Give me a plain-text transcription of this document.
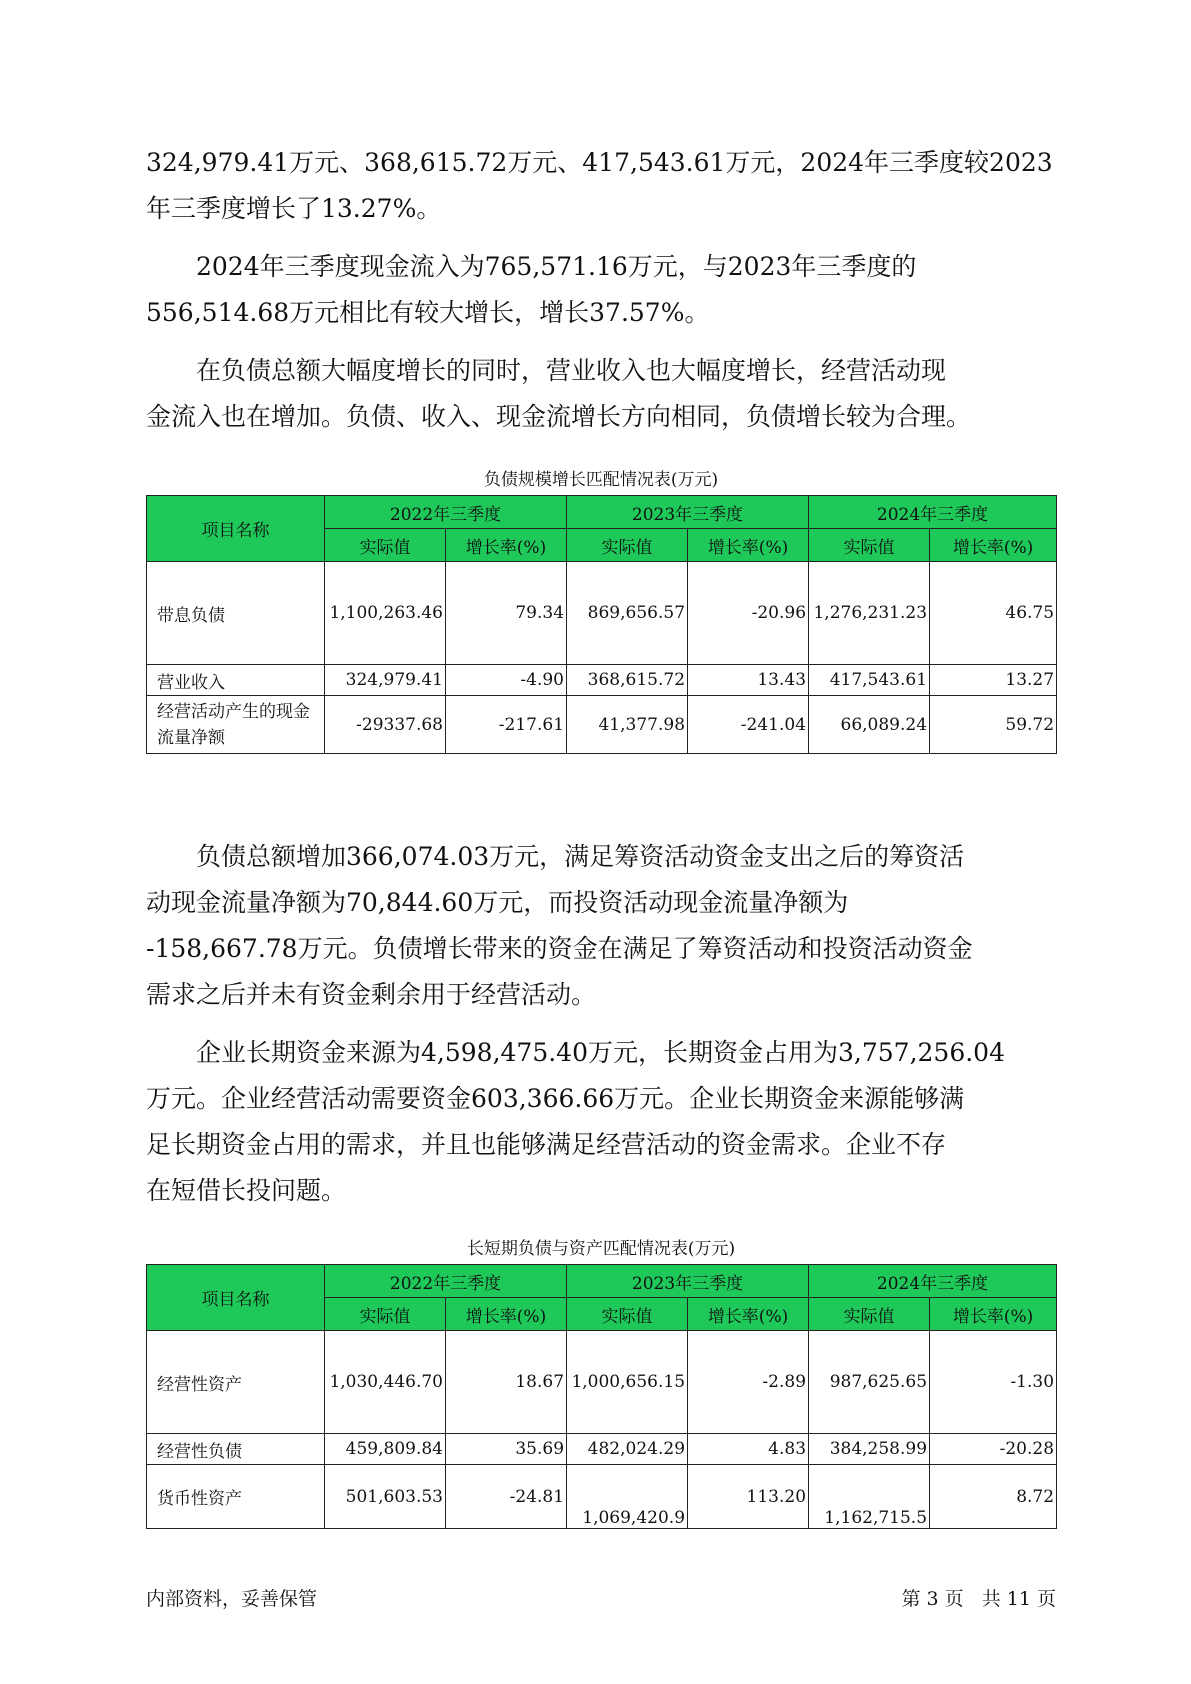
324,979.41万元、368,615.72万元、417,543.61万元，2024年三季度较2023
年三季度增长了13.27%。
2024年三季度现金流入为765,571.16万元，与2023年三季度的
556,514.68万元相比有较大增长，增长37.57%。
在负债总额大幅度增长的同时，营业收入也大幅度增长，经营活动现
金流入也在增加。负债、收入、现金流增长方向相同，负债增长较为合理。
负债规模增长匹配情况表(万元)
项目名称	2022年三季度		2023年三季度		2024年三季度	
	实际值	增长率(%)	实际值	增长率(%)	实际值	增长率(%)
带息负债	1,100,263.46	79.34	869,656.57	-20.96	1,276,231.23	46.75
营业收入	324,979.41	-4.90	368,615.72	13.43	417,543.61	13.27
经营活动产生的现金流量净额	-29337.68	-217.61	41,377.98	-241.04	66,089.24	59.72
负债总额增加366,074.03万元，满足筹资活动资金支出之后的筹资活
动现金流量净额为70,844.60万元，而投资活动现金流量净额为
-158,667.78万元。负债增长带来的资金在满足了筹资活动和投资活动资金
需求之后并未有资金剩余用于经营活动。
企业长期资金来源为4,598,475.40万元，长期资金占用为3,757,256.04
万元。企业经营活动需要资金603,366.66万元。企业长期资金来源能够满
足长期资金占用的需求，并且也能够满足经营活动的资金需求。企业不存
在短借长投问题。
长短期负债与资产匹配情况表(万元)
项目名称	2022年三季度		2023年三季度		2024年三季度	
	实际值	增长率(%)	实际值	增长率(%)	实际值	增长率(%)
经营性资产	1,030,446.70	18.67	1,000,656.15	-2.89	987,625.65	-1.30
经营性负债	459,809.84	35.69	482,024.29	4.83	384,258.99	-20.28
货币性资产	501,603.53	-24.81	1,069,420.9	113.20	1,162,715.5	8.72
内部资料，妥善保管	第 3 页   共 11 页
